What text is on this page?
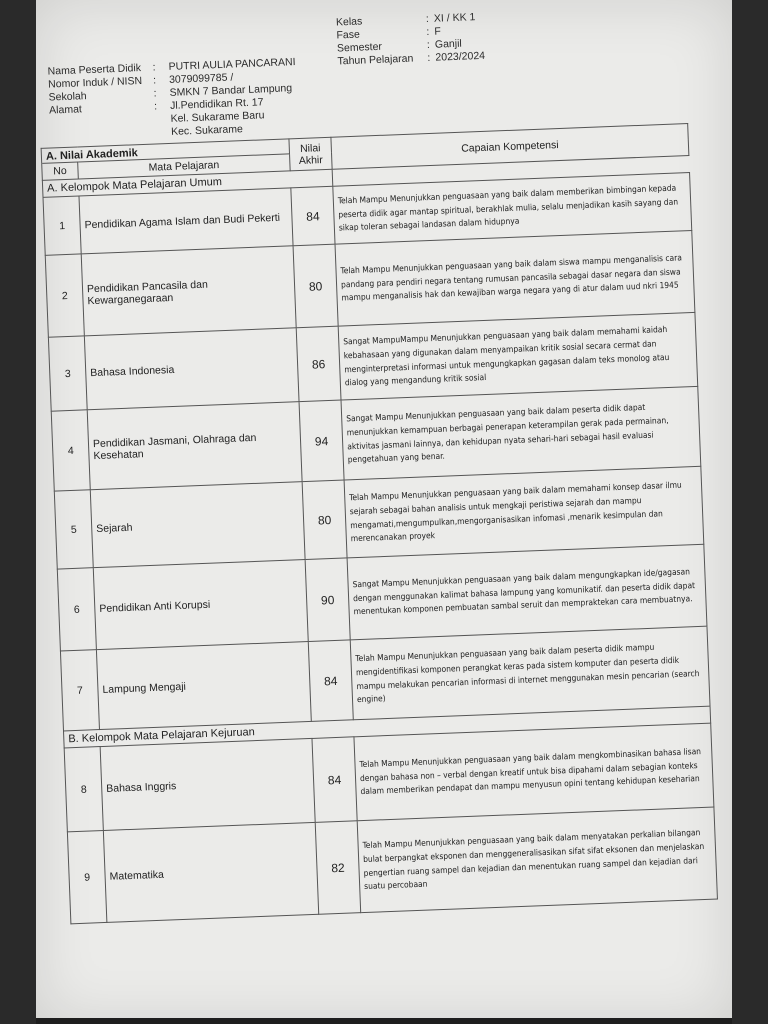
Nama Peserta Didik	:	PUTRI AULIA PANCARANI
Nomor Induk / NISN	:	3079099785 /
Sekolah	:	SMKN 7 Bandar Lampung
Alamat	:	Jl.Pendidikan Rt. 17
Kel. Sukarame Baru
Kec. Sukarame
Kelas	: XI / KK 1
Fase	: F
Semester	: Ganjil
Tahun Pelajaran	: 2023/2024
A. Nilai Akademik		Nilai Akhir	Capaian Kompetensi
No	Mata Pelajaran		
A. Kelompok Mata Pelajaran Umum		
1	Pendidikan Agama Islam dan Budi Pekerti	84	Telah Mampu Menunjukkan penguasaan yang baik dalam memberikan bimbingan kepada peserta didik agar mantap spiritual, berakhlak mulia, selalu menjadikan kasih sayang dan sikap toleran sebagai landasan dalam hidupnya
2	Pendidikan Pancasila dan Kewarganegaraan	80	Telah Mampu Menunjukkan penguasaan yang baik dalam siswa mampu menganalisis cara pandang para pendiri negara tentang rumusan pancasila sebagai dasar negara dan siswa mampu menganalisis hak dan kewajiban warga negara yang di atur dalam uud nkri 1945
3	Bahasa Indonesia	86	Sangat MampuMampu Menunjukkan penguasaan yang baik dalam memahami kaidah kebahasaan yang digunakan dalam menyampaikan kritik sosial secara cermat dan menginterpretasi informasi untuk mengungkapkan gagasan dalam teks monolog atau dialog yang mengandung kritik sosial
4	Pendidikan Jasmani, Olahraga dan Kesehatan	94	Sangat Mampu Menunjukkan penguasaan yang baik dalam peserta didik dapat menunjukkan kemampuan berbagai penerapan keterampilan gerak pada permainan, aktivitas jasmani lainnya, dan kehidupan nyata sehari-hari sebagai hasil evaluasi pengetahuan yang benar.
5	Sejarah	80	Telah Mampu Menunjukkan penguasaan yang baik dalam memahami konsep dasar ilmu sejarah sebagai bahan analisis untuk mengkaji peristiwa sejarah dan mampu mengamati,mengumpulkan,mengorganisasikan infomasi ,menarik kesimpulan dan merencanakan proyek
6	Pendidikan Anti Korupsi	90	Sangat Mampu Menunjukkan penguasaan yang baik dalam mengungkapkan ide/gagasan dengan menggunakan kalimat bahasa lampung yang komunikatif. dan peserta didik dapat menentukan komponen pembuatan sambal seruit dan mempraktekan cara membuatnya.
7	Lampung Mengaji	84	Telah Mampu Menunjukkan penguasaan yang baik dalam peserta didik mampu mengidentifikasi komponen perangkat keras pada sistem komputer dan peserta didik mampu melakukan pencarian informasi di internet menggunakan mesin pencarian (search engine)
B. Kelompok Mata Pelajaran Kejuruan			
8	Bahasa Inggris	84	Telah Mampu Menunjukkan penguasaan yang baik dalam mengkombinasikan bahasa lisan dengan bahasa non – verbal dengan kreatif untuk bisa dipahami dalam sebagian konteks dalam memberikan pendapat dan mampu menyusun opini tentang kehidupan keseharian
9	Matematika	82	Telah Mampu Menunjukkan penguasaan yang baik dalam menyatakan perkalian bilangan bulat berpangkat eksponen dan menggeneralisasikan sifat sifat eksonen dan menjelaskan pengertian ruang sampel dan kejadian dan menentukan ruang sampel dan kejadian dari suatu percobaan
